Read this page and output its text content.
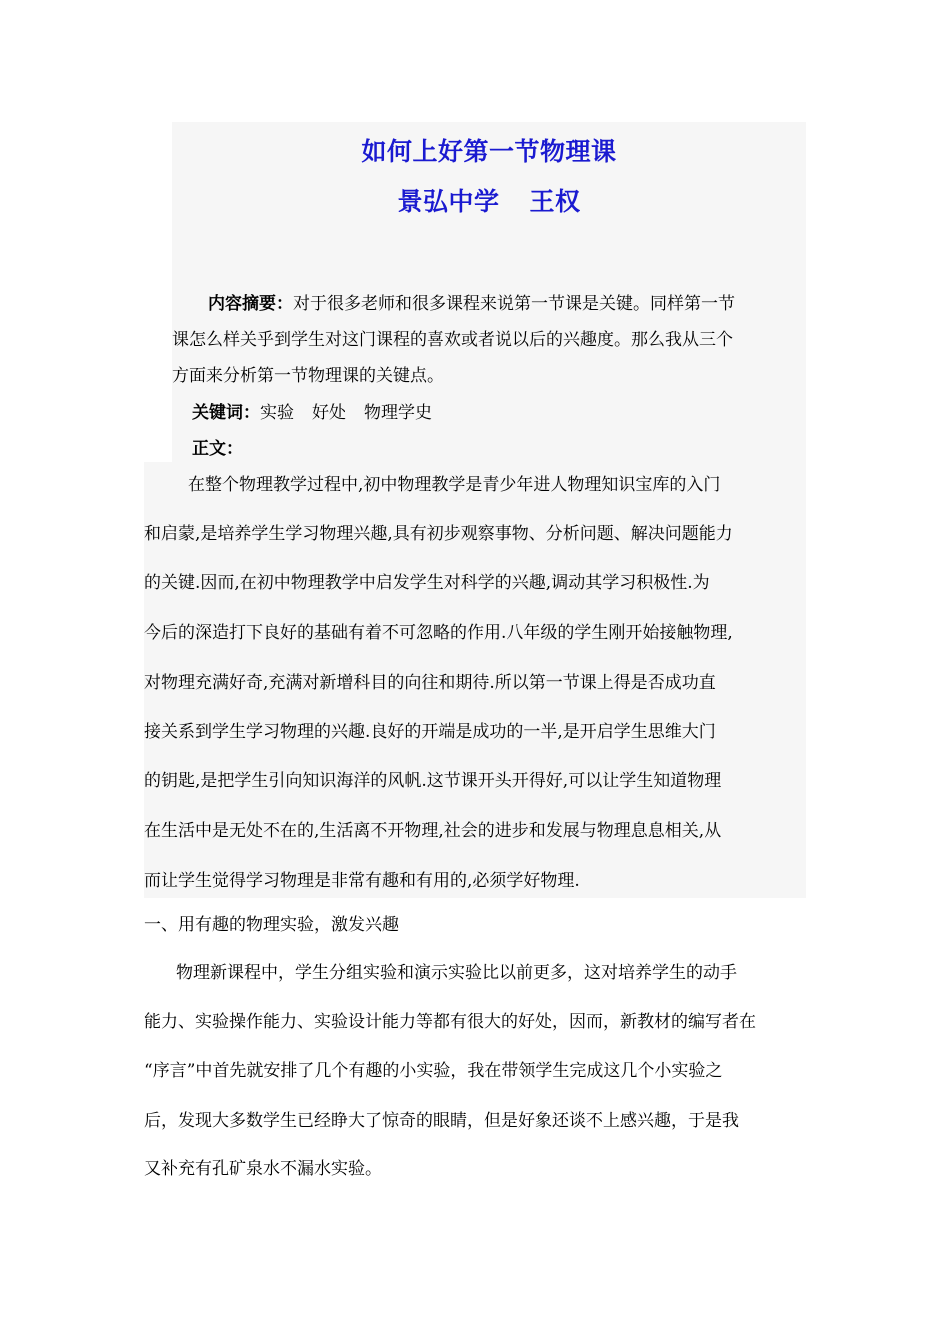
如何上好第一节物理课
景弘中学 王权

内容摘要：对于很多老师和很多课程来说第一节课是关键。同样第一节
课怎么样关乎到学生对这门课程的喜欢或者说以后的兴趣度。那么我从三个
方面来分析第一节物理课的关键点。

关键词：实验 好处 物理学史

正文：

在整个物理教学过程中,初中物理教学是青少年进人物理知识宝库的入门

和启蒙,是培养学生学习物理兴趣,具有初步观察事物、分析问题、解决问题能力

的关键.因而,在初中物理教学中启发学生对科学的兴趣,调动其学习积极性.为

今后的深造打下良好的基础有着不可忽略的作用.八年级的学生刚开始接触物理,

对物理充满好奇,充满对新增科目的向往和期待.所以第一节课上得是否成功直

接关系到学生学习物理的兴趣.良好的开端是成功的一半,是开启学生思维大门

的钥匙,是把学生引向知识海洋的风帆.这节课开头开得好,可以让学生知道物理

在生活中是无处不在的,生活离不开物理,社会的进步和发展与物理息息相关,从

而让学生觉得学习物理是非常有趣和有用的,必须学好物理.

一、用有趣的物理实验，激发兴趣

物理新课程中，学生分组实验和演示实验比以前更多，这对培养学生的动手

能力、实验操作能力、实验设计能力等都有很大的好处，因而，新教材的编写者在

“序言”中首先就安排了几个有趣的小实验，我在带领学生完成这几个小实验之

后，发现大多数学生已经睁大了惊奇的眼睛，但是好象还谈不上感兴趣，于是我

又补充有孔矿泉水不漏水实验。
